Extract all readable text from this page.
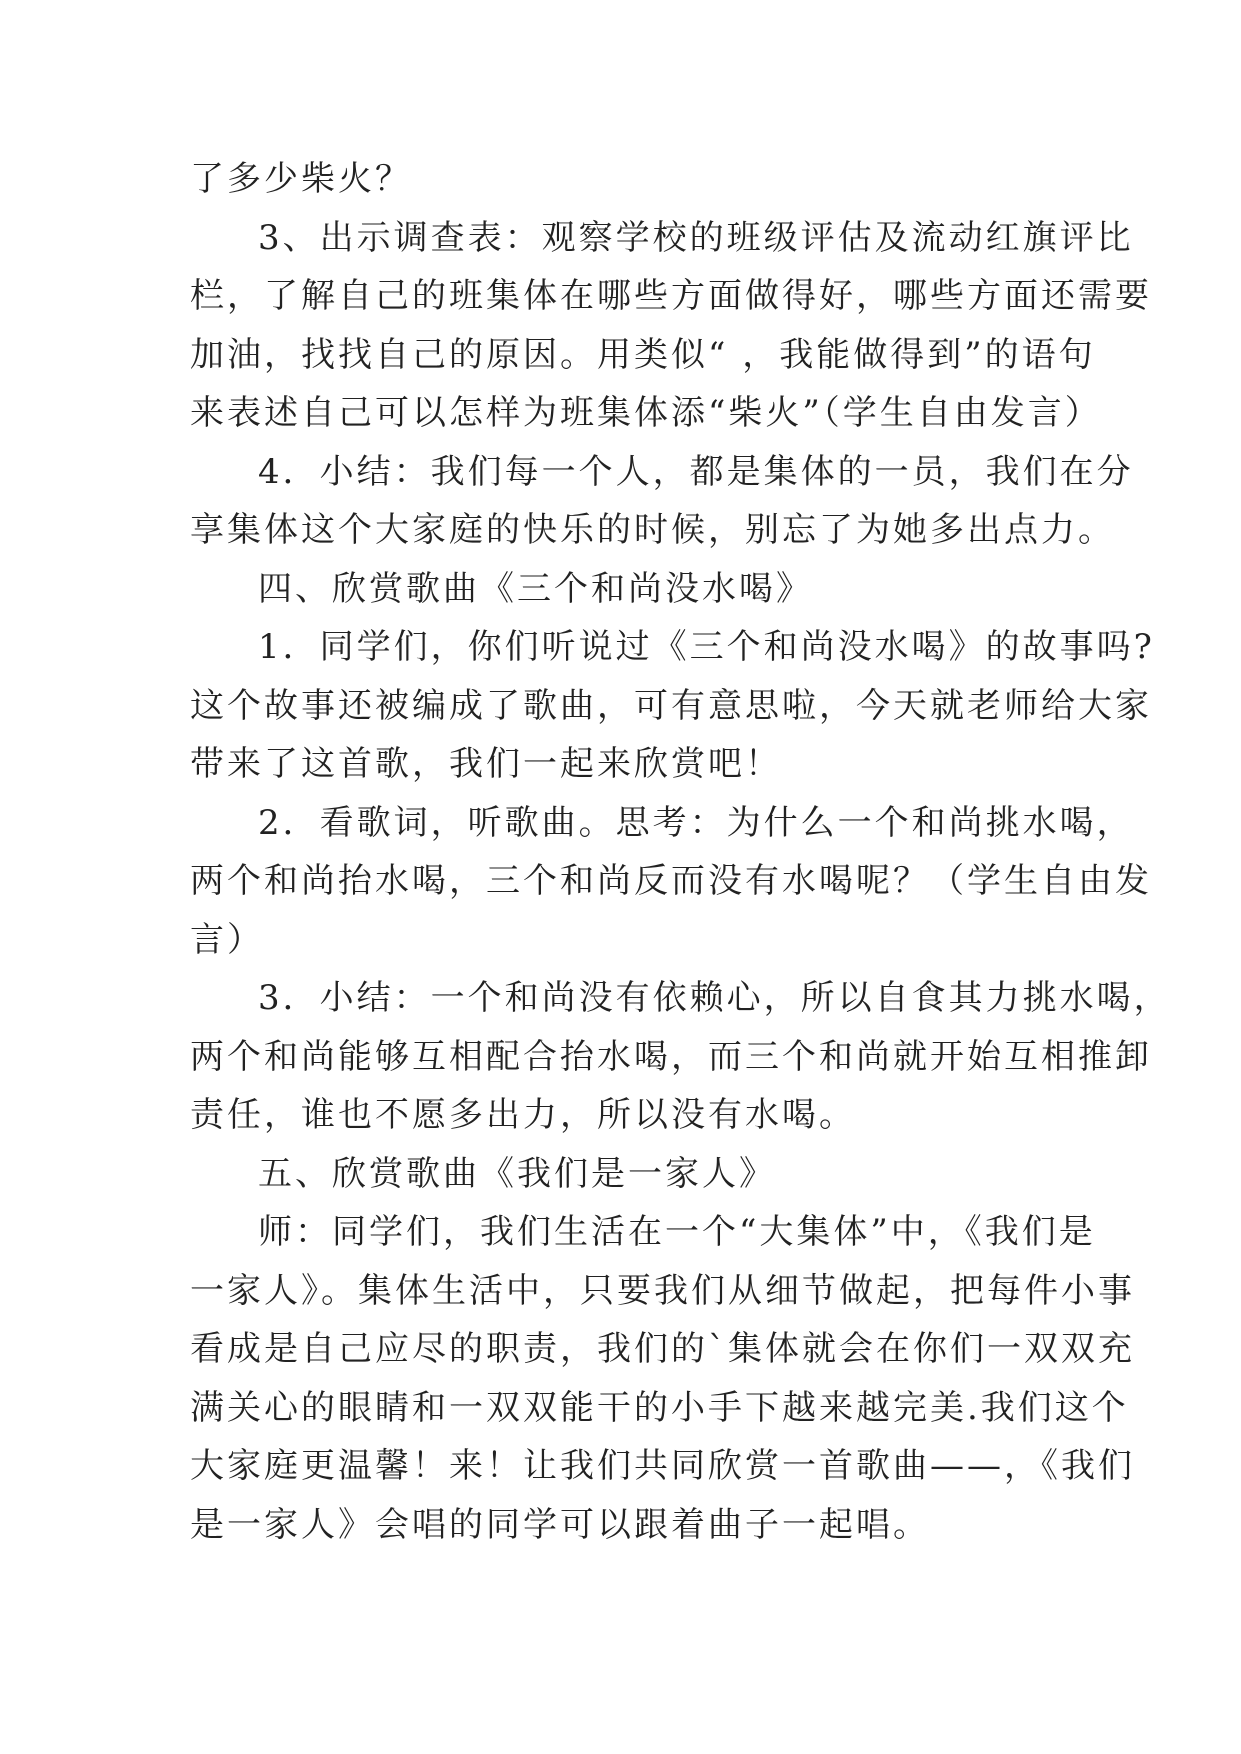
了多少柴火？
3、出示调查表：观察学校的班级评估及流动红旗评比
栏，了解自己的班集体在哪些方面做得好，哪些方面还需要
加油，找找自己的原因。用类似“ ，我能做得到”的语句
来表述自己可以怎样为班集体添“柴火”（学生自由发言）
4．小结：我们每一个人，都是集体的一员，我们在分
享集体这个大家庭的快乐的时候，别忘了为她多出点力。
四、欣赏歌曲《三个和尚没水喝》
1．同学们，你们听说过《三个和尚没水喝》的故事吗?
这个故事还被编成了歌曲，可有意思啦，今天就老师给大家
带来了这首歌，我们一起来欣赏吧！
2．看歌词，听歌曲。思考：为什么一个和尚挑水喝，
两个和尚抬水喝，三个和尚反而没有水喝呢？（学生自由发
言）
3．小结：一个和尚没有依赖心，所以自食其力挑水喝，
两个和尚能够互相配合抬水喝，而三个和尚就开始互相推卸
责任，谁也不愿多出力，所以没有水喝。
五、欣赏歌曲《我们是一家人》
师：同学们，我们生活在一个“大集体”中，《我们是
一家人》。集体生活中，只要我们从细节做起，把每件小事
看成是自己应尽的职责，我们的`集体就会在你们一双双充
满关心的眼睛和一双双能干的小手下越来越完美.我们这个
大家庭更温馨！来！让我们共同欣赏一首歌曲——，《我们
是一家人》会唱的同学可以跟着曲子一起唱。
